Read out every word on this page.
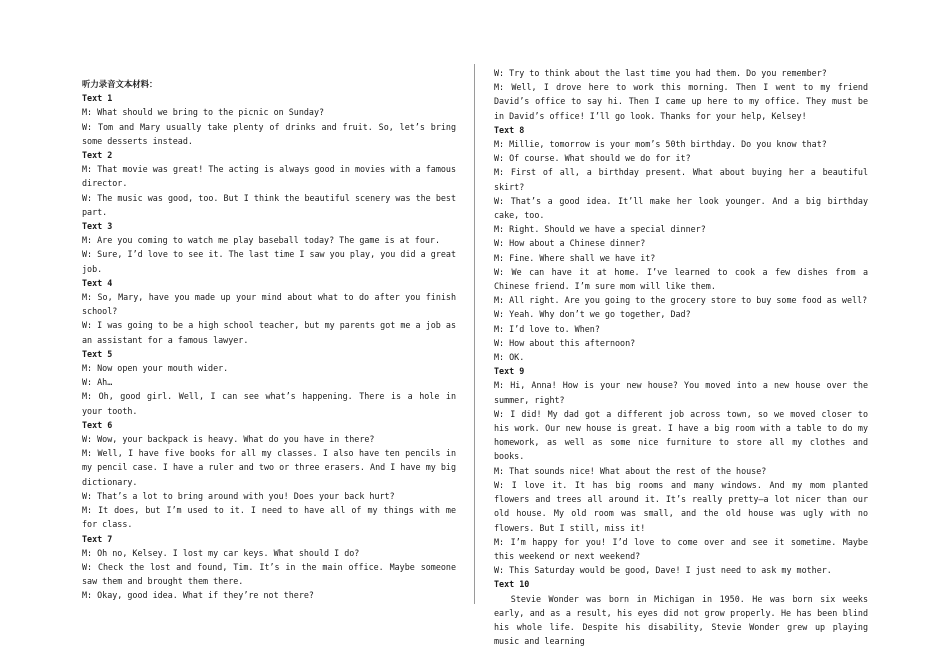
听力录音文本材料：

Text 1

M: What should we bring to the picnic on Sunday?

W: Tom and Mary usually take plenty of drinks and fruit. So, let’s bring some desserts instead.

Text 2

M: That movie was great! The acting is always good in movies with a famous director.

W: The music was good, too. But I think the beautiful scenery was the best part.

Text 3

M: Are you coming to watch me play baseball today? The game is at four.

W: Sure, I’d love to see it. The last time I saw you play, you did a great job.

Text 4

M: So, Mary, have you made up your mind about what to do after you finish school?

W: I was going to be a high school teacher, but my parents got me a job as an assistant for a famous lawyer.

Text 5

M: Now open your mouth wider.

W: Ah…

M: Oh, good girl. Well, I can see what’s happening. There is a hole in your tooth.

Text 6

W: Wow, your backpack is heavy. What do you have in there?

M: Well, I have five books for all my classes. I also have ten pencils in my pencil case. I have a ruler and two or three erasers. And I have my big dictionary.

W: That’s a lot to bring around with you! Does your back hurt?

M: It does, but I’m used to it. I need to have all of my things with me for class.

Text 7

M: Oh no, Kelsey. I lost my car keys. What should I do?

W: Check the lost and found, Tim. It’s in the main office. Maybe someone saw them and brought them there.

M: Okay, good idea. What if they’re not there?

W: Try to think about the last time you had them. Do you remember?

M: Well, I drove here to work this morning. Then I went to my friend David’s office to say hi. Then I came up here to my office. They must be in David’s office! I’ll go look. Thanks for your help, Kelsey!

Text 8

M: Millie, tomorrow is your mom’s 50th birthday. Do you know that?

W: Of course. What should we do for it?

M: First of all, a birthday present. What about buying her a beautiful skirt?

W: That’s a good idea. It’ll make her look younger. And a big birthday cake, too.

M: Right. Should we have a special dinner?

W: How about a Chinese dinner?

M: Fine. Where shall we have it?

W: We can have it at home. I’ve learned to cook a few dishes from a Chinese friend. I’m sure mom will like them.

M: All right. Are you going to the grocery store to buy some food as well?

W: Yeah. Why don’t we go together, Dad?

M: I’d love to. When?

W: How about this afternoon?

M: OK.

Text 9

M: Hi, Anna! How is your new house? You moved into a new house over the summer, right?

W: I did! My dad got a different job across town, so we moved closer to his work. Our new house is great. I have a big room with a table to do my homework, as well as some nice furniture to store all my clothes and books.

M: That sounds nice! What about the rest of the house?

W: I love it. It has big rooms and many windows. And my mom planted flowers and trees all around it. It’s really pretty—a lot nicer than our old house. My old room was small, and the old house was ugly with no flowers. But I still, miss it!

M: I’m happy for you! I’d love to come over and see it sometime. Maybe this weekend or next weekend?

W: This Saturday would be good, Dave! I just need to ask my mother.

Text 10

Stevie Wonder was born in Michigan in 1950. He was born six weeks early, and as a result, his eyes did not grow properly. He has been blind his whole life. Despite his disability, Stevie Wonder grew up playing music and learning
